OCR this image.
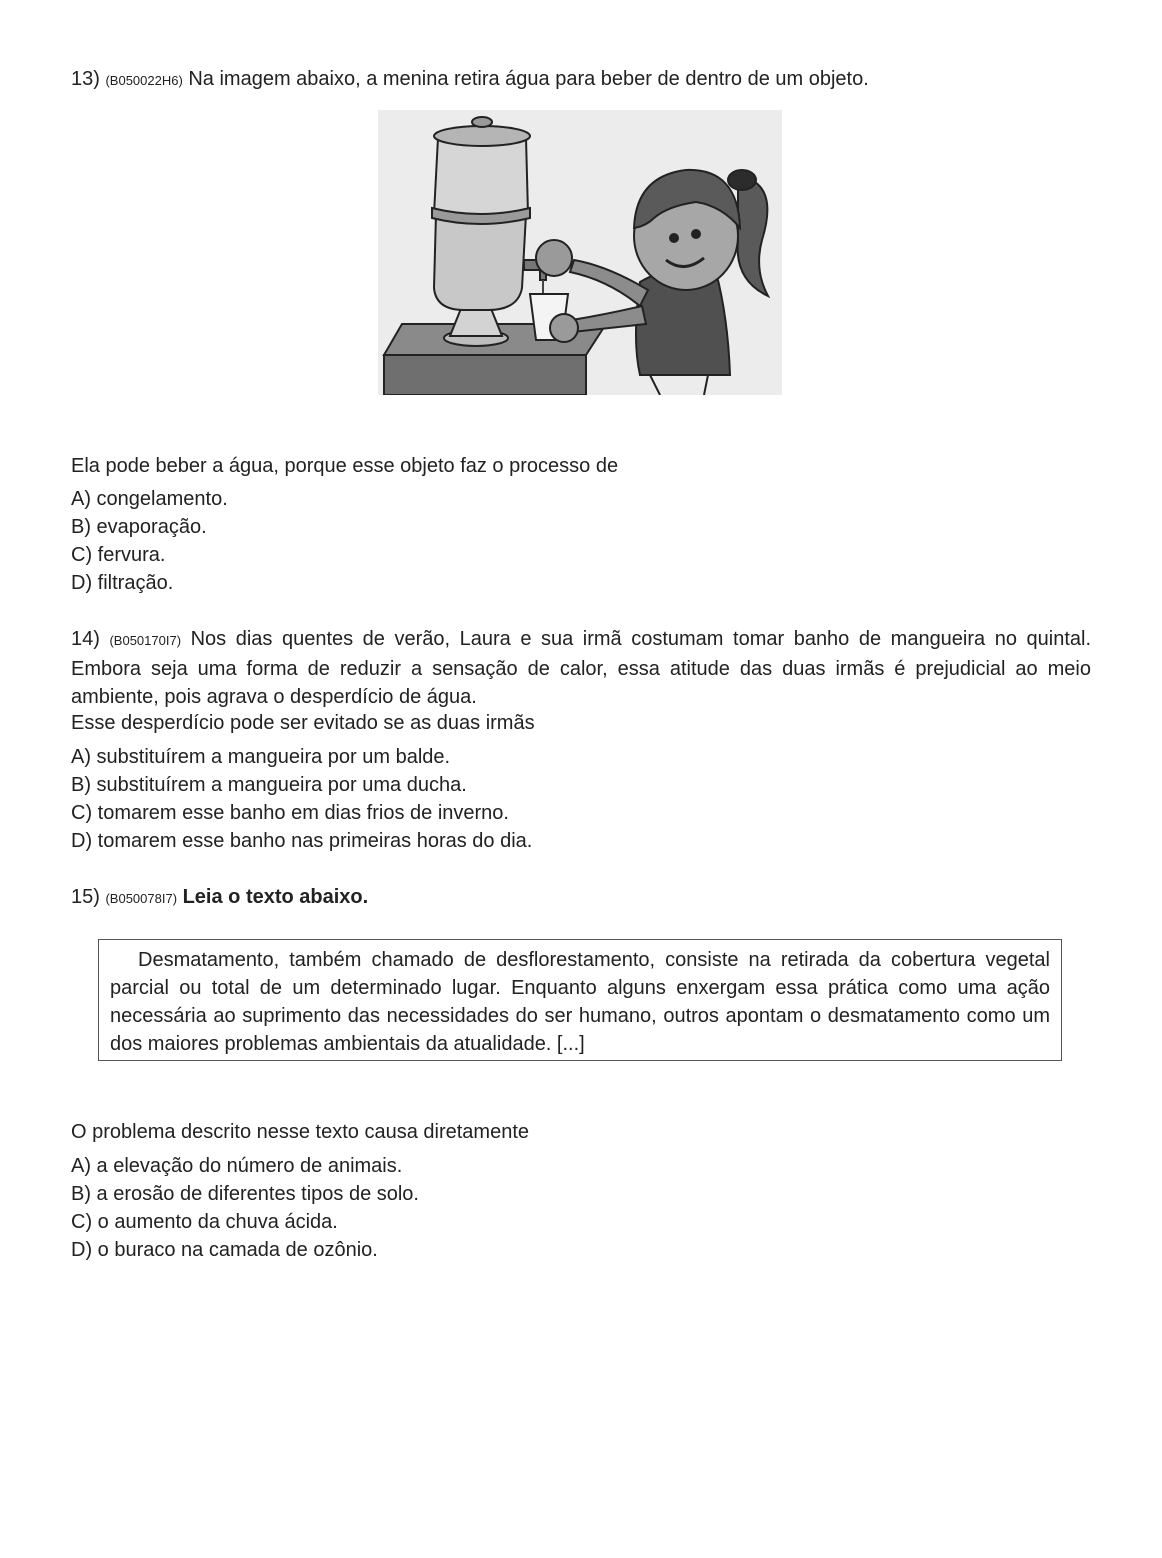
13) (B050022H6) Na imagem abaixo, a menina retira água para beber de dentro de um objeto.
Ela pode beber a água, porque esse objeto faz o processo de
A) congelamento.
B) evaporação.
C) fervura.
D) filtração.
14) (B050170I7) Nos dias quentes de verão, Laura e sua irmã costumam tomar banho de mangueira no quintal. Embora seja uma forma de reduzir a sensação de calor, essa atitude das duas irmãs é prejudicial ao meio ambiente, pois agrava o desperdício de água.
Esse desperdício pode ser evitado se as duas irmãs
A) substituírem a mangueira por um balde.
B) substituírem a mangueira por uma ducha.
C) tomarem esse banho em dias frios de inverno.
D) tomarem esse banho nas primeiras horas do dia.
15) (B050078I7) Leia o texto abaixo.
Desmatamento, também chamado de desflorestamento, consiste na retirada da cobertura vegetal parcial ou total de um determinado lugar. Enquanto alguns enxergam essa prática como uma ação necessária ao suprimento das necessidades do ser humano, outros apontam o desmatamento como um dos maiores problemas ambientais da atualidade. [...]
O problema descrito nesse texto causa diretamente
A) a elevação do número de animais.
B) a erosão de diferentes tipos de solo.
C) o aumento da chuva ácida.
D) o buraco na camada de ozônio.
